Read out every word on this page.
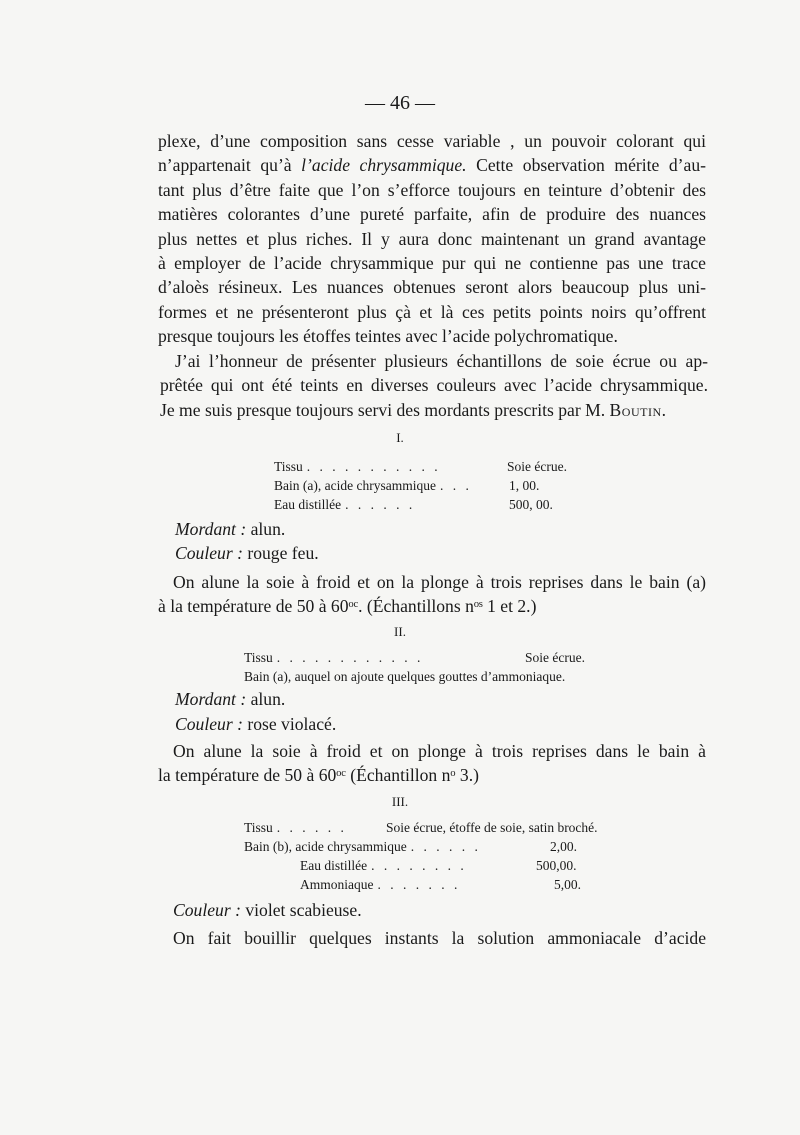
— 46 —
plexe, d’une composition sans cesse variable , un pouvoir colorant qui
n’appartenait qu’à l’acide chrysammique. Cette observation mérite d’au-
tant plus d’être faite que l’on s’efforce toujours en teinture d’obtenir des
matières colorantes d’une pureté parfaite, afin de produire des nuances
plus nettes et plus riches. Il y aura donc maintenant un grand avantage
à employer de l’acide chrysammique pur qui ne contienne pas une trace
d’aloès résineux. Les nuances obtenues seront alors beaucoup plus uni-
formes et ne présenteront plus çà et là ces petits points noirs qu’offrent
presque toujours les étoffes teintes avec l’acide polychromatique.
J’ai l’honneur de présenter plusieurs échantillons de soie écrue ou ap-
prêtée qui ont été teints en diverses couleurs avec l’acide chrysammique.
Je me suis presque toujours servi des mordants prescrits par M. Boutin.
I.
Tissu . . . . . . . . . . .	Soie écrue.
Bain (a), acide chrysammique . . .	1, 00.
Eau distillée . . . . . .	500, 00.
Mordant : alun.
Couleur : rouge feu.
On alune la soie à froid et on la plonge à trois reprises dans le bain (a)
à la température de 50 à 60ᵒᶜ. (Échantillons nᵒˢ 1 et 2.)
II.
Tissu . . . . . . . . . . . .	Soie écrue.
Bain (a), auquel on ajoute quelques gouttes d’ammoniaque.
Mordant : alun.
Couleur : rose violacé.
On alune la soie à froid et on plonge à trois reprises dans le bain à
la température de 50 à 60ᵒᶜ (Échantillon nᵒ 3.)
III.
Tissu . . . . . .	Soie écrue, étoffe de soie, satin broché.
Bain (b), acide chrysammique . . . . . .	2,00.
Eau distillée . . . . . . . .	500,00.
Ammoniaque . . . . . . .	5,00.
Couleur : violet scabieuse.
On fait bouillir quelques instants la solution ammoniacale d’acide
